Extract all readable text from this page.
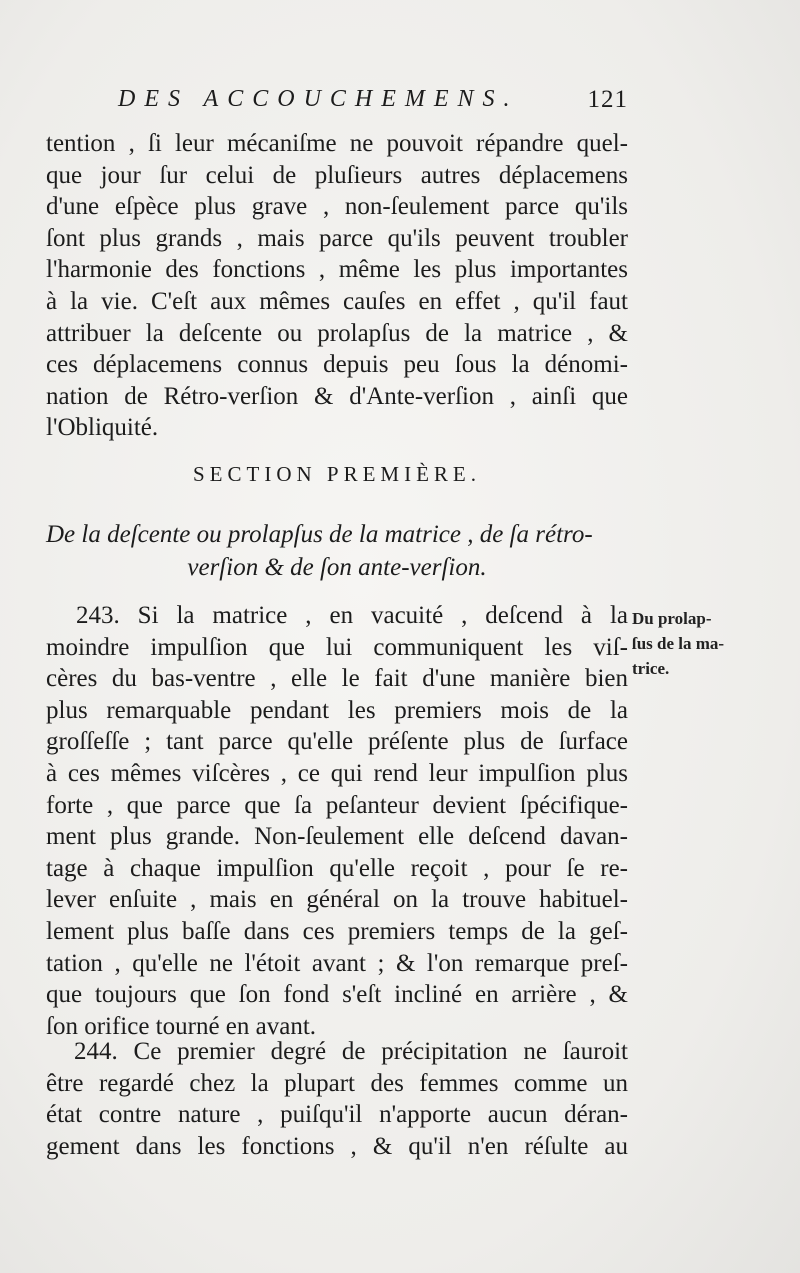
DES ACCOUCHEMENS.	121
tention , ſi leur mécaniſme ne pouvoit répandre quel-
que jour ſur celui de pluſieurs autres déplacemens
d'une eſpèce plus grave , non-ſeulement parce qu'ils
ſont plus grands , mais parce qu'ils peuvent troubler
l'harmonie des fonctions , même les plus importantes
à la vie. C'eſt aux mêmes cauſes en effet , qu'il faut
attribuer la deſcente ou prolapſus de la matrice , &
ces déplacemens connus depuis peu ſous la dénomi-
nation de Rétro-verſion & d'Ante-verſion , ainſi que
l'Obliquité.
SECTION PREMIÈRE.
De la deſcente ou prolapſus de la matrice , de ſa rétro-
verſion & de ſon ante-verſion.
243. Si la matrice , en vacuité , deſcend à la
moindre impulſion que lui communiquent les viſ-
cères du bas-ventre , elle le fait d'une manière bien
plus remarquable pendant les premiers mois de la
groſſeſſe ; tant parce qu'elle préſente plus de ſurface
à ces mêmes viſcères , ce qui rend leur impulſion plus
forte , que parce que ſa peſanteur devient ſpécifique-
ment plus grande. Non-ſeulement elle deſcend davan-
tage à chaque impulſion qu'elle reçoit , pour ſe re-
lever enſuite , mais en général on la trouve habituel-
lement plus baſſe dans ces premiers temps de la geſ-
tation , qu'elle ne l'étoit avant ; & l'on remarque preſ-
que toujours que ſon fond s'eſt incliné en arrière , &
ſon orifice tourné en avant.
Du prolap-
ſus de la ma-
trice.
244. Ce premier degré de précipitation ne ſauroit
être regardé chez la plupart des femmes comme un
état contre nature , puiſqu'il n'apporte aucun déran-
gement dans les fonctions , & qu'il n'en réſulte au
